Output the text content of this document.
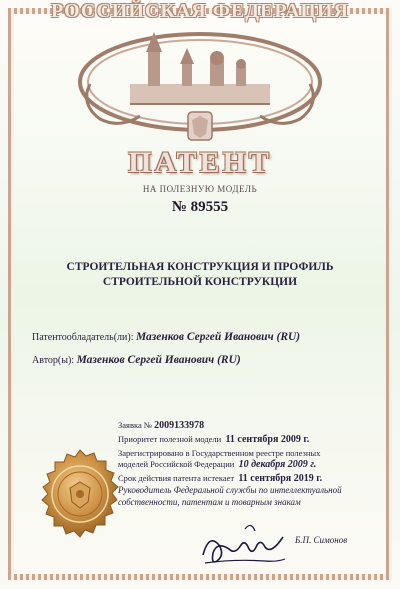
РОССИЙСКАЯ ФЕДЕРАЦИЯ
ПАТЕНТ
НА ПОЛЕЗНУЮ МОДЕЛЬ
№ 89555
СТРОИТЕЛЬНАЯ КОНСТРУКЦИЯ И ПРОФИЛЬ
СТРОИТЕЛЬНОЙ КОНСТРУКЦИИ
Патентообладатель(ли): Мазенков Сергей Иванович (RU)
Автор(ы): Мазенков Сергей Иванович (RU)
Заявка № 2009133978
Приоритет полезной модели 11 сентября 2009 г.
Зарегистрировано в Государственном реестре полезных
моделей Российской Федерации 10 декабря 2009 г.
Срок действия патента истекает 11 сентября 2019 г.
Руководитель Федеральной службы по интеллектуальной
собственности, патентам и товарным знакам
Б.П. Симонов
